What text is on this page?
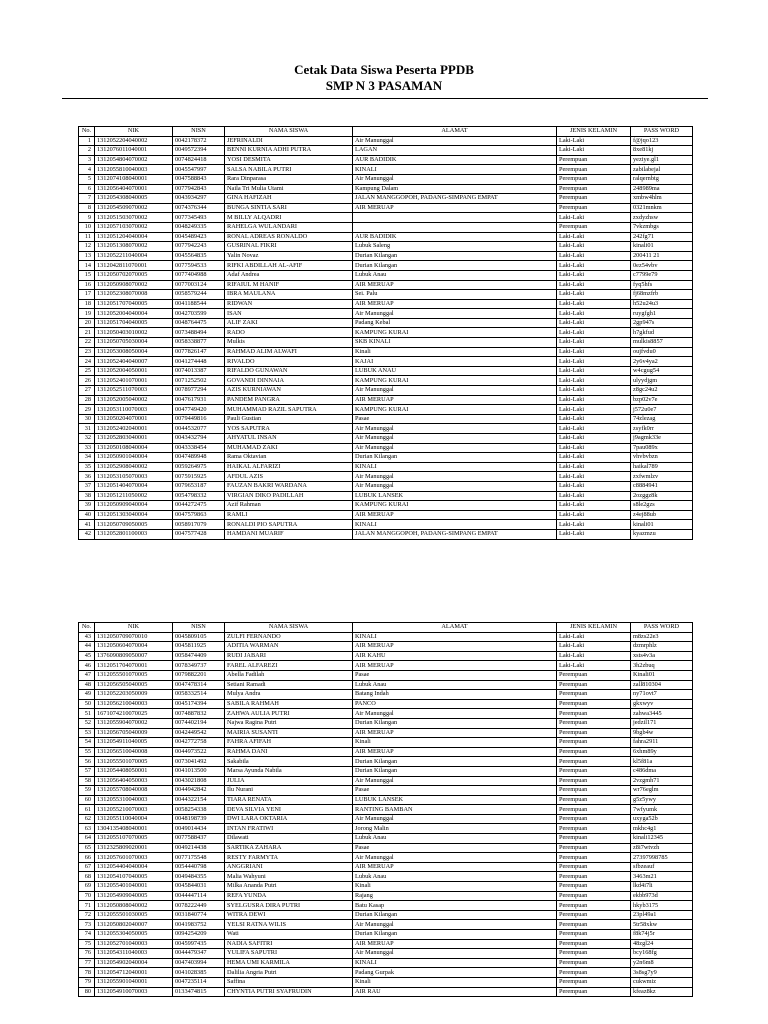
Cetak Data Siswa Peserta PPDB
SMP N 3 PASAMAN
No.	NIK	NISN	NAMA SISWA	ALAMAT	JENIS KELAMIN	PASS WORD
1	1312052204040002	0042178372	JEFRINALDI	Air Manunggal	Laki-Laki	f@jqo123
2	1312076011040001	0049572394	BENNI KURNIA ADHI PUTRA	LAGAN	Laki-Laki	8xe81kj
3	1312054804070002	0074824418	YOSI DESMITA	AUR BADIDIK	Perempuan	yeziye.gl1
4	1312055810040003	0045547997	SALSA NABILA PUTRI	KINALI	Perempuan	zabilabejal
5	1312074108040001	0047588843	Rara Dinparasa	Air Manunggal	Perempuan	ralqernbtg
6	1312056404070001	0077942843	Naila Tri Mulia Utami	Kampung Dalam	Perempuan	248989ma
7	1312054308040005	0043934297	GINA HAFIZAH	JALAN MANGGOPOH, PADANG-SIMPANG EMPAT	Perempuan	xmbw4hlm
8	1312054509070002	0074376344	BUNGA SINTIA SARI	AIR MERUAP	Perempuan	0321mnkm
9	1312051503070002	0077345493	M BILLY ALQADRI		Laki-Laki	zxdyzhsw
10	1312057103070002	0048249335	RAHELGA WULANDARI		Perempuan	7vkzmbgs
11	1312051204040004	0045489423	RONAL ADREAS RONALDO	AUR BADIDIK	Laki-Laki	242fg71
12	1312051308070002	0077942243	GUSRINAL FIKRI	Lubuk Saleng	Laki-Laki	kinali01
13	1312052211040004	0045564835	Yalin Novaz	Durian Kilangan	Laki-Laki	200411 21
14	1312042811070001	0077594533	RIFKI ABDILLAH AL-AFIF	Durian Kilangan	Laki-Laki	0ez54vbv
15	1312050702070005	0077404988	Adaf Andrea	Lubuk Anau	Laki-Laki	c7799e79
16	1312050908070002	0077003124	RIFAIUL M HANIF	AIR MERUAP	Laki-Laki	fyq5hfs
17	1312052308070008	0058579244	IBRA MAULANA	Sei. Palu	Laki-Laki	fj68mzfrb
18	1312051707040005	0041188544	RIDWAN	AIR MERUAP	Laki-Laki	h52u24u3
19	1312052004040004	0042703599	ISAN	Air Manunggal	Laki-Laki	ruygfgh1
20	1312051704040005	0048764475	ALIF ZAKI	Padang Kebal	Laki-Laki	2gp947s
21	1312050403010002	0073488494	RADO	KAMPUNG KURAI	Laki-Laki	h7gkfud
22	1312050705030004	0058338877	Mulkis	SKB KINALI	Laki-Laki	mulkis8857
23	1312053008050004	0077826147	RAHMAD ALIM ALWAFI	Kinali	Laki-Laki	oujfvdu0
24	1312052404040007	0041274448	RIVALDO	KAJAI	Laki-Laki	2y6v4ya2
25	1312052004050001	0074013387	RIFALDO GUNAWAN	LUBUK ANAU	Laki-Laki	w4cgug54
26	1312052401070001	0071252502	GOVANDI DINNAIA	KAMPUNG KURAI	Laki-Laki	ulyydjgm
27	1312052511070003	0078977294	AZIS KURNIAWAN	Air Manunggal	Laki-Laki	z8gc24u2
28	1312052005040002	0047617931	PANDEM PANGRA	AIR MERUAP	Laki-Laki	bzp02v7e
29	1312053110070003	0047749420	MUHAMMAD RAZIL SAPUTRA	KAMPUNG KURAI	Laki-Laki	j572u0e7
30	1312050204070001	0079449816	Pauli Gustian	Pasae	Laki-Laki	74zlezag
31	1312052402040001	0044532077	YOS SAPUTRA	Air Manunggal	Laki-Laki	zsyfk0rr
32	1312052803040001	0043432794	AHYATUL INSAN	Air Manunggal	Laki-Laki	j9agmk33e
33	1312050108040004	0043338454	MUHAMAD ZAKI	Air Manunggal	Laki-Laki	7pau089x
34	1312050901040004	0047489948	Rama Oktavian	Durian Kilangan	Laki-Laki	vhvbvbzn
35	1312052908040002	0059264975	HAIKAL ALFARIZI	KINALI	Laki-Laki	haikal789
36	1312053105070003	0075915925	AFDUL AZIS	Air Manunggal	Laki-Laki	zxfwmlzv
37	1312051404070004	0079653187	FAUZAN BAKRI WARDANA	Air Manunggal	Laki-Laki	c8884941
38	1312051211050002	0054798332	VIRGIAN DIKO PADILLAH	LUBUK LANSEK	Laki-Laki	2ozggz8k
39	1312050909040004	0044272475	Azif Rahman	KAMPUNG KURAI	Laki-Laki	s8le2gzs
40	1312051303040004	0047579863	RAMLI	AIR MERUAP	Laki-Laki	z4ej88ub
41	1312050709050005	0058917079	RONALDI PIO SAPUTRA	KINALI	Laki-Laki	kinali01
42	1312052801100003	0047577428	HAMDANI MUARIF	JALAN MANGGOPOH, PADANG-SIMPANG EMPAT	Laki-Laki	kyazmzu
No.	NIK	NISN	NAMA SISWA	ALAMAT	JENIS KELAMIN	PASS WORD
43	1312050709070010	0045809105	ZULFI FERNANDO	KINALI	Laki-Laki	m8zs22e3
44	1312050604070004	0045811925	ADITIA WARMAN	AIR MERUAP	Laki-Laki	dzmrphlz
45	1376090809050007	0058474409	RUDI JABARI	AIR KAHU	Laki-Laki	xsts4v3a
46	1312051704070001	0078349737	FAREL ALFAREZI	AIR MERUAP	Laki-Laki	3h2zbuq
47	1312055501070005	0079882201	Abella Fadilah	Pasae	Perempuan	Kinali01
48	1312056505040005	0047478314	Setiani Ramadi	Lubuk Anau	Perempuan	zall810304
49	1312052203050009	0058332514	Mulya Andra	Batang Indah	Perempuan	ny71ovt7
50	1312056210040003	0045174394	SABILA RAHMAH	PANCO	Perempuan	gkxwyv
51	1671074210070025	0074887832	ZAHWA AULIA PUTRI	Air Manunggal	Perempuan	zahwa3445
52	1312055904070002	0074402194	Najwa Ragina Putri	Durian Kilangan	Perempuan	jedzil171
53	1312056705040009	0042449542	MAIRIA SUSANTI	AIR MERUAP	Perempuan	9bgb4w
54	1312054911040005	0042772758	FAHRA AFIFAH	Kinali	Perempuan	fahra2911
55	1312056510040008	0044973522	RAHMA DANI	AIR MERUAP	Perempuan	6xhm89y
56	1312055501070005	0073041492	Sakabila	Durian Kilangan	Perempuan	kl5f81a
57	1312054408050001	0041013500	Marsa Ayunda Nabila	Durian Kilangan	Perempuan	c486dma
58	1312056404050003	0043021808	JULIA	Air Manunggal	Perempuan	2vzgmh71
59	1312055708040008	0044942842	Ilu Nurani	Pasae	Perempuan	wr76eglm
60	1312055310040003	0044322154	TIARA RENATA	LUBUK LANSEK	Perempuan	g5z5ywy
61	1312055210070003	0058254338	DEVA SILVIA YENI	RANTING BAMBAN	Perempuan	7wfyumk
62	1312055110040004	0048198739	DWI LARA OKTARIA	Air Manunggal	Perempuan	uxyga52b
63	1304135408040001	0049014434	INTAN FRATIWI	Jorong Malin	Perempuan	mkhc4g1
64	1312055107070005	0077588437	Dilawati	Lubuk Anau	Perempuan	kinali12345
65	1312325809020001	0049214438	SARTIKA ZAHARA	Pasae	Perempuan	z8i7wtvzh
66	1312057601070003	0077175548	RESTY FARMYTA	Air Manunggal	Perempuan	27397998785
67	1312054404040004	0054440798	ANGGRIANI	AIR MERUAP	Perempuan	sfbzeauf
68	1312054107040005	0049484355	Malia Wahyuni	Lubuk Anau	Perempuan	3463m21
69	1312055401040001	0045844031	Milka Ananda Putri	Kinali	Perempuan	lkd4i7li
70	1312054909040005	0044447114	REFA YUNDA	Rajang	Perempuan	ekbb973d
71	1312050808040002	0078222449	SYELGUSRA DIRA PUTRI	Batu Kasap	Perempuan	hkyb3175
72	1312055501030005	0031840774	WITRA DEWI	Durian Kilangan	Perempuan	23pl49a1
73	1312050802040007	0041983752	YELSI RATNA WILIS	Air Manunggal	Perempuan	5tr58xkw
74	1312055304050005	0094254209	Wati	Durian Kilangan	Perempuan	f8k74j5r
75	1312052701040003	0045997435	NADIA SAFITRI	AIR MERUAP	Perempuan	48zgl24
76	1312054311040003	0044479347	YULIFA SAPUTRI	Air Manunggal	Perempuan	bcy168fg
77	1312054902040004	0047403994	HEMA UMI KARMILA	KINALI	Perempuan	y2n6m8
78	1312054712040001	0041028385	Dalilia Angria Putri	Padang Gurpak	Perempuan	3s8sg7y9
79	1312055901040001	0047235114	Saffina	Kinali	Perempuan	cukwmiz
80	1312054910070003	0133474815	CHYNTIA PUTRI SYAFRUDIN	AIR RAU	Perempuan	kfeaz8kz
